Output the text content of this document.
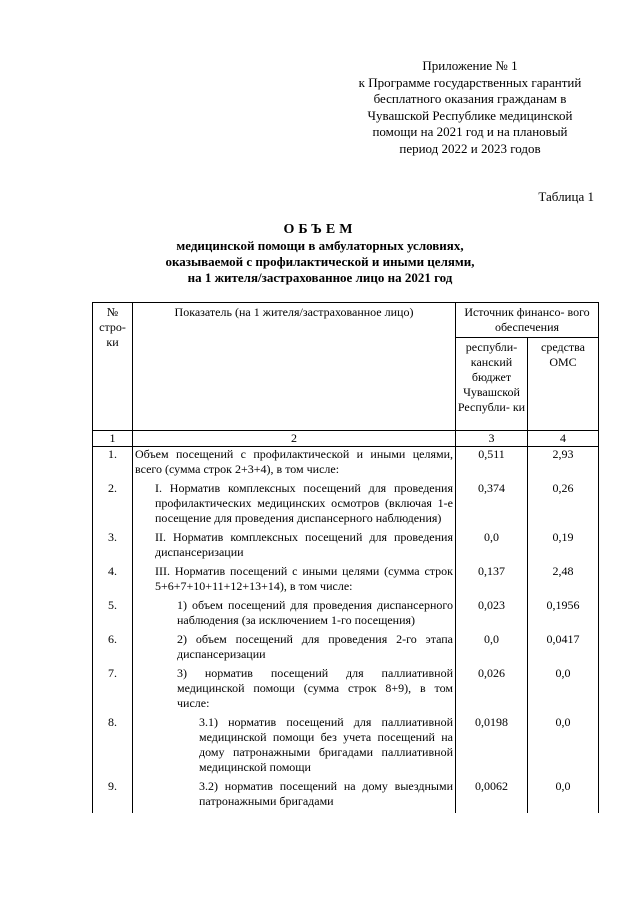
Приложение № 1
к Программе государственных гарантий
бесплатного оказания гражданам в
Чувашской Республике медицинской
помощи на 2021 год и на плановый
период 2022 и 2023 годов
Таблица 1
ОБЪЕМ
медицинской помощи в амбулаторных условиях,
оказываемой с профилактической и иными целями,
на 1 жителя/застрахованное лицо на 2021 год
№ стро- ки	Показатель (на 1 жителя/застрахованное лицо)	Источник финансо- вого обеспечения	
		республи- канский бюджет Чувашской Республи- ки	средства ОМС
1	2	3	4
1.	Объем посещений с профилактической и иными целями, всего (сумма строк 2+3+4), в том числе:	0,511	2,93
2.	I. Норматив комплексных посещений для проведения профилактических медицинских осмотров (включая 1-е посещение для проведения диспансерного наблюдения)	0,374	0,26
3.	II. Норматив комплексных посещений для проведения диспансеризации	0,0	0,19
4.	III. Норматив посещений с иными целями (сумма строк 5+6+7+10+11+12+13+14), в том числе:	0,137	2,48
5.	1) объем посещений для проведения диспансерного наблюдения (за исключением 1-го посещения)	0,023	0,1956
6.	2) объем посещений для проведения 2-го этапа диспансеризации	0,0	0,0417
7.	3) норматив посещений для паллиативной медицинской помощи (сумма строк 8+9), в том числе:	0,026	0,0
8.	3.1) норматив посещений для паллиативной медицинской помощи без учета посещений на дому патронажными бригадами паллиативной медицинской помощи	0,0198	0,0
9.	3.2) норматив посещений на дому выездными патронажными бригадами	0,0062	0,0
